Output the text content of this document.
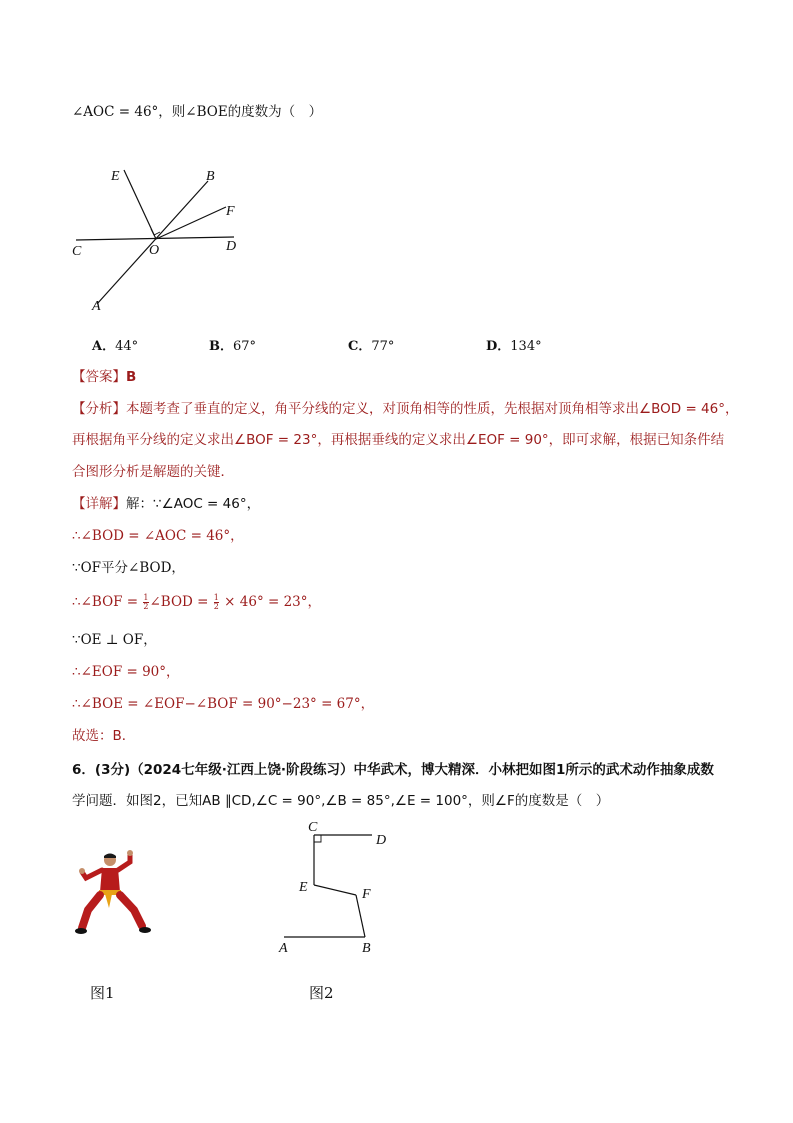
∠AOC = 46°，则∠BOE的度数为（　）
E	B
F
C	O	D
A
A．44°	B．67°	C．77°	D．134°
【答案】B
【分析】本题考查了垂直的定义，角平分线的定义，对顶角相等的性质，先根据对顶角相等求出∠BOD = 46°，
再根据角平分线的定义求出∠BOF = 23°，再根据垂线的定义求出∠EOF = 90°，即可求解，根据已知条件结
合图形分析是解题的关键．
【详解】解：∵∠AOC = 46°，
∴∠BOD = ∠AOC = 46°，
∵OF平分∠BOD，
∴∠BOF = $\frac{1}{2}$ ∠BOD = $\frac{1}{2} \times 46^\circ = 23^\circ$，
∵OE ⊥ OF，
∴∠EOF = 90°，
∴∠BOE = ∠EOF−∠BOF = 90°−23° = 67°，
故选：B．
6．(3分)（2024七年级·江西上饶·阶段练习）中华武术，博大精深．小林把如图1所示的武术动作抽象成数
学问题．如图2，已知AB ∥CD,∠C = 90°,∠B = 85°,∠E = 100°，则∠F的度数是（　）
C
D
E	F
A	B
图1	图2
